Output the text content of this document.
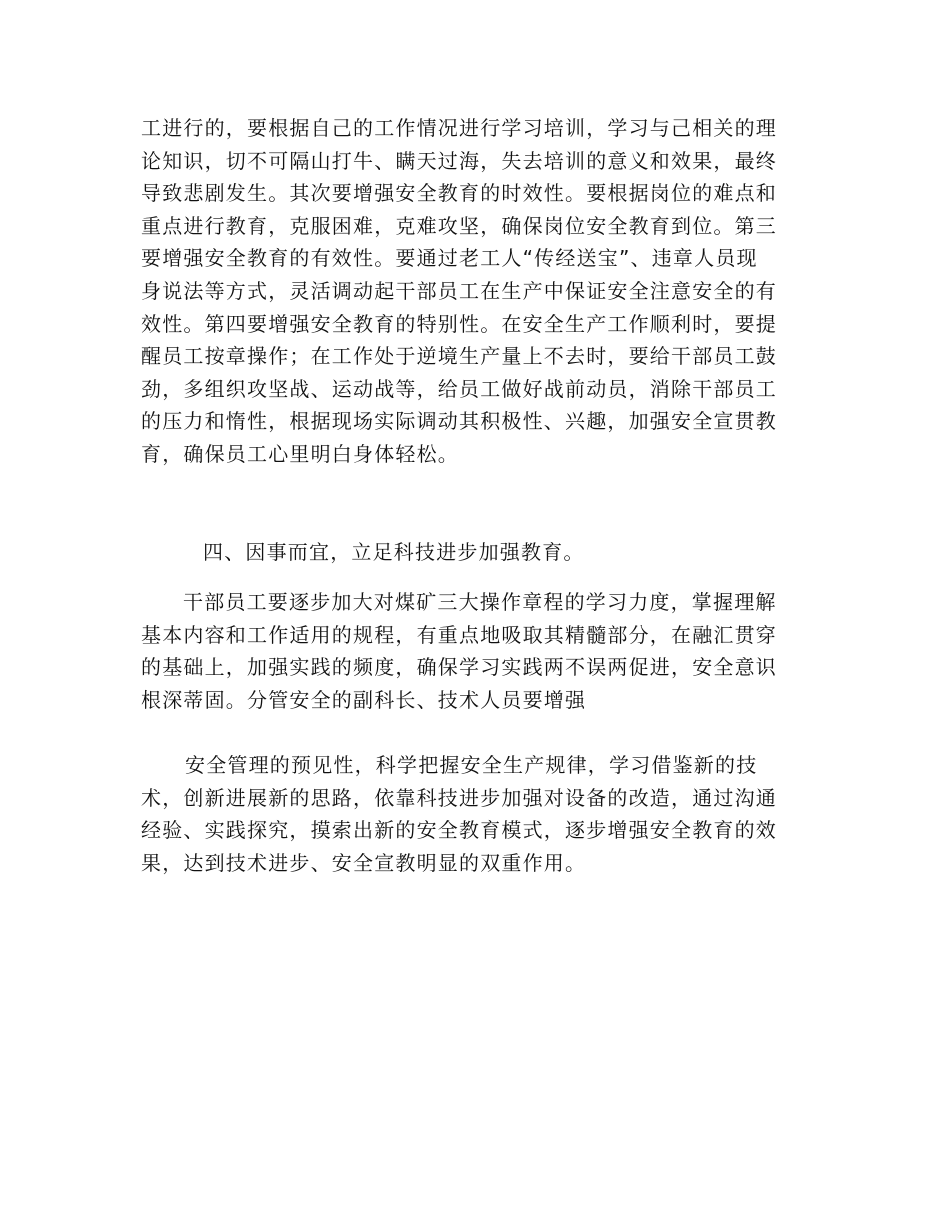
工进行的，要根据自己的工作情况进行学习培训，学习与己相关的理
论知识，切不可隔山打牛、瞒天过海，失去培训的意义和效果，最终
导致悲剧发生。其次要增强安全教育的时效性。要根据岗位的难点和
重点进行教育，克服困难，克难攻坚，确保岗位安全教育到位。第三
要增强安全教育的有效性。要通过老工人“传经送宝”、违章人员现
身说法等方式，灵活调动起干部员工在生产中保证安全注意安全的有
效性。第四要增强安全教育的特别性。在安全生产工作顺利时，要提
醒员工按章操作；在工作处于逆境生产量上不去时，要给干部员工鼓
劲，多组织攻坚战、运动战等，给员工做好战前动员，消除干部员工
的压力和惰性，根据现场实际调动其积极性、兴趣，加强安全宣贯教
育，确保员工心里明白身体轻松。
四、因事而宜，立足科技进步加强教育。
干部员工要逐步加大对煤矿三大操作章程的学习力度，掌握理解
基本内容和工作适用的规程，有重点地吸取其精髓部分，在融汇贯穿
的基础上，加强实践的频度，确保学习实践两不误两促进，安全意识
根深蒂固。分管安全的副科长、技术人员要增强
安全管理的预见性，科学把握安全生产规律，学习借鉴新的技
术，创新进展新的思路，依靠科技进步加强对设备的改造，通过沟通
经验、实践探究，摸索出新的安全教育模式，逐步增强安全教育的效
果，达到技术进步、安全宣教明显的双重作用。
